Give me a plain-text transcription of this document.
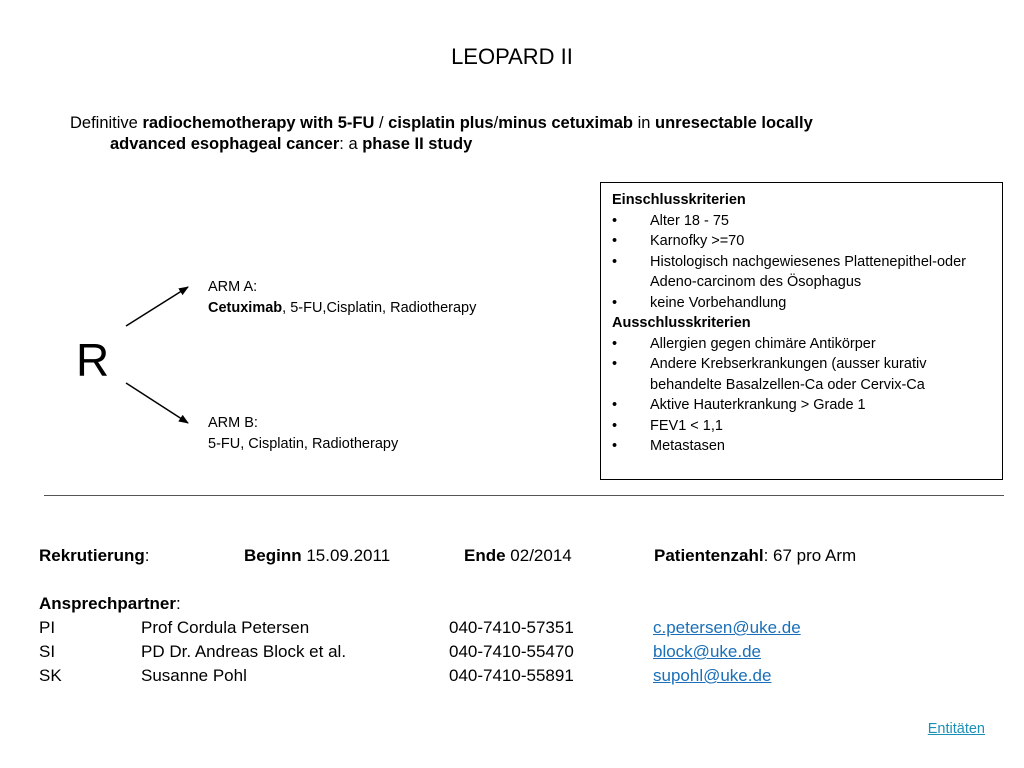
LEOPARD II
Definitive radiochemotherapy with 5-FU / cisplatin plus/minus cetuximab in unresectable locally
advanced esophageal cancer: a phase II study
R
ARM A:
Cetuximab, 5-FU,Cisplatin, Radiotherapy
ARM B:
5-FU, Cisplatin, Radiotherapy
Einschlusskriterien
•	Alter 18 - 75
•	Karnofky >=70
•	Histologisch nachgewiesenes Plattenepithel-oder Adeno-carcinom des Ösophagus
•	keine Vorbehandlung
Ausschlusskriterien
•	Allergien gegen chimäre Antikörper
•	Andere Krebserkrankungen (ausser kurativ behandelte Basalzellen-Ca oder Cervix-Ca
•	Aktive Hauterkrankung > Grade 1
•	FEV1 < 1,1
•	Metastasen
Rekrutierung:	Beginn 15.09.2011	Ende 02/2014	Patientenzahl: 67 pro Arm
Ansprechpartner:
PI	Prof Cordula Petersen	040-7410-57351	c.petersen@uke.de
SI	PD Dr. Andreas Block et al.	040-7410-55470	block@uke.de
SK	Susanne Pohl	040-7410-55891	supohl@uke.de
Entitäten
